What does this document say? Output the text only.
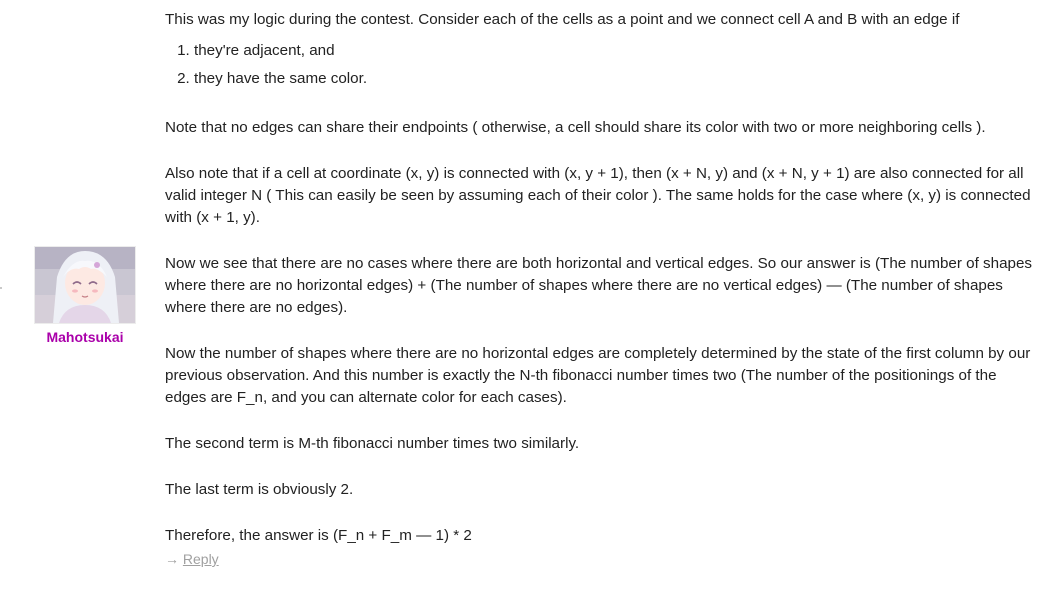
Mahotsukai

This was my logic during the contest. Consider each of the cells as a point and we connect cell A and B with an edge if

1. they're adjacent, and
2. they have the same color.

Note that no edges can share their endpoints ( otherwise, a cell should share its color with two or more neighboring cells ).

Also note that if a cell at coordinate (x, y) is connected with (x, y + 1), then (x + N, y) and (x + N, y + 1) are also connected for all valid integer N ( This can easily be seen by assuming each of their color ). The same holds for the case where (x, y) is connected with (x + 1, y).

Now we see that there are no cases where there are both horizontal and vertical edges. So our answer is (The number of shapes where there are no horizontal edges) + (The number of shapes where there are no vertical edges) — (The number of shapes where there are no edges).

Now the number of shapes where there are no horizontal edges are completely determined by the state of the first column by our previous observation. And this number is exactly the N-th fibonacci number times two (The number of the positionings of the edges are F_n, and you can alternate color for each cases).

The second term is M-th fibonacci number times two similarly.

The last term is obviously 2.

Therefore, the answer is (F_n + F_m — 1) * 2

→ Reply
